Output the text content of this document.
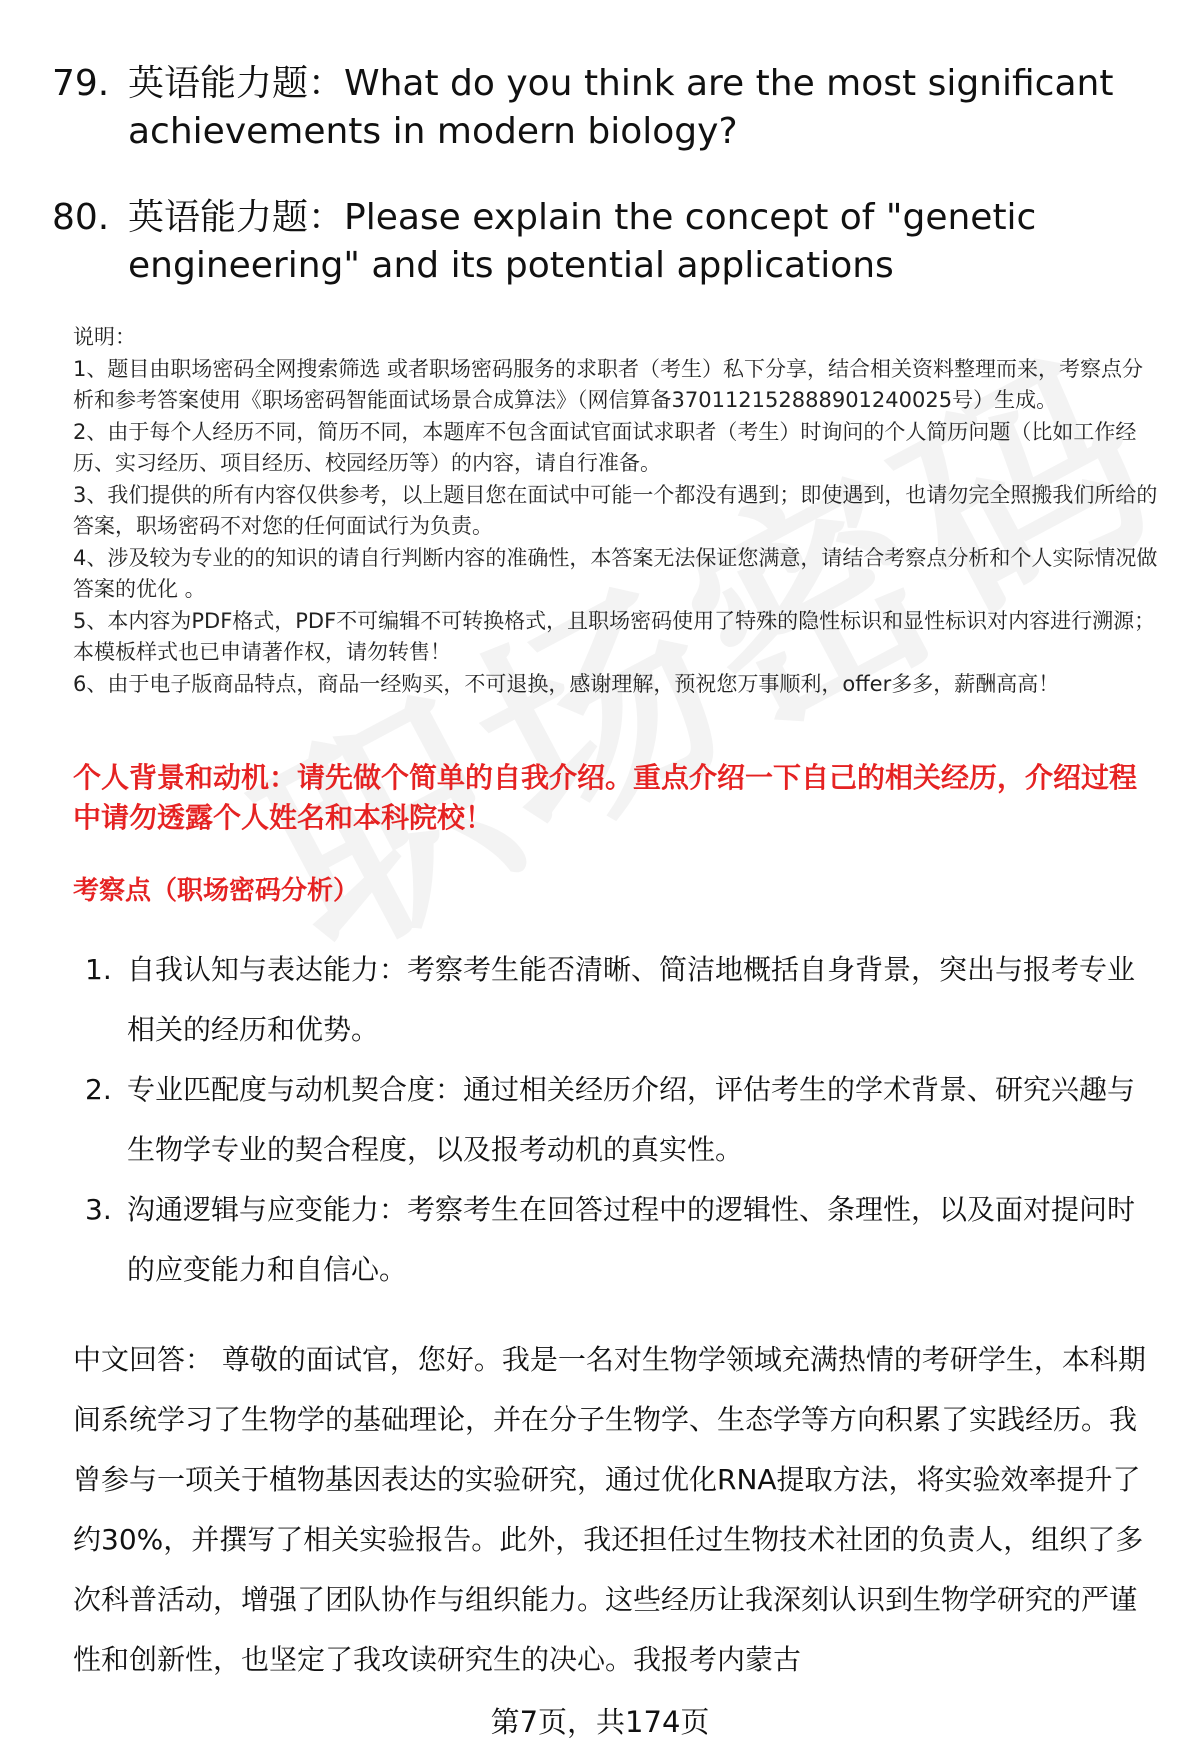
79. 英语能力题：What do you think are the most significant achievements in modern biology?
80. 英语能力题：Please explain the concept of "genetic engineering" and its potential applications

说明：

1、题目由职场密码全网搜索筛选 或者职场密码服务的求职者（考生）私下分享，结合相关资料整理而来，考察点分析和参考答案使用《职场密码智能面试场景合成算法》（网信算备370112152888901240025号）生成。

2、由于每个人经历不同，简历不同，本题库不包含面试官面试求职者（考生）时询问的个人简历问题（比如工作经历、实习经历、项目经历、校园经历等）的内容，请自行准备。

3、我们提供的所有内容仅供参考，以上题目您在面试中可能一个都没有遇到；即使遇到，也请勿完全照搬我们所给的答案，职场密码不对您的任何面试行为负责。

4、涉及较为专业的的知识的请自行判断内容的准确性，本答案无法保证您满意，请结合考察点分析和个人实际情况做答案的优化 。

5、本内容为PDF格式，PDF不可编辑不可转换格式，且职场密码使用了特殊的隐性标识和显性标识对内容进行溯源；本模板样式也已申请著作权，请勿转售！

6、由于电子版商品特点，商品一经购买，不可退换，感谢理解，预祝您万事顺利，offer多多，薪酬高高！

个人背景和动机：请先做个简单的自我介绍。重点介绍一下自己的相关经历，介绍过程中请勿透露个人姓名和本科院校！
考察点（职场密码分析）
1. 自我认知与表达能力：考察考生能否清晰、简洁地概括自身背景，突出与报考专业相关的经历和优势。
2. 专业匹配度与动机契合度：通过相关经历介绍，评估考生的学术背景、研究兴趣与生物学专业的契合程度，以及报考动机的真实性。
3. 沟通逻辑与应变能力：考察考生在回答过程中的逻辑性、条理性，以及面对提问时的应变能力和自信心。

中文回答： 尊敬的面试官，您好。我是一名对生物学领域充满热情的考研学生，本科期间系统学习了生物学的基础理论，并在分子生物学、生态学等方向积累了实践经历。我曾参与一项关于植物基因表达的实验研究，通过优化RNA提取方法，将实验效率提升了约30%，并撰写了相关实验报告。此外，我还担任过生物技术社团的负责人，组织了多次科普活动，增强了团队协作与组织能力。这些经历让我深刻认识到生物学研究的严谨性和创新性，也坚定了我攻读研究生的决心。我报考内蒙古

第7页，共174页
